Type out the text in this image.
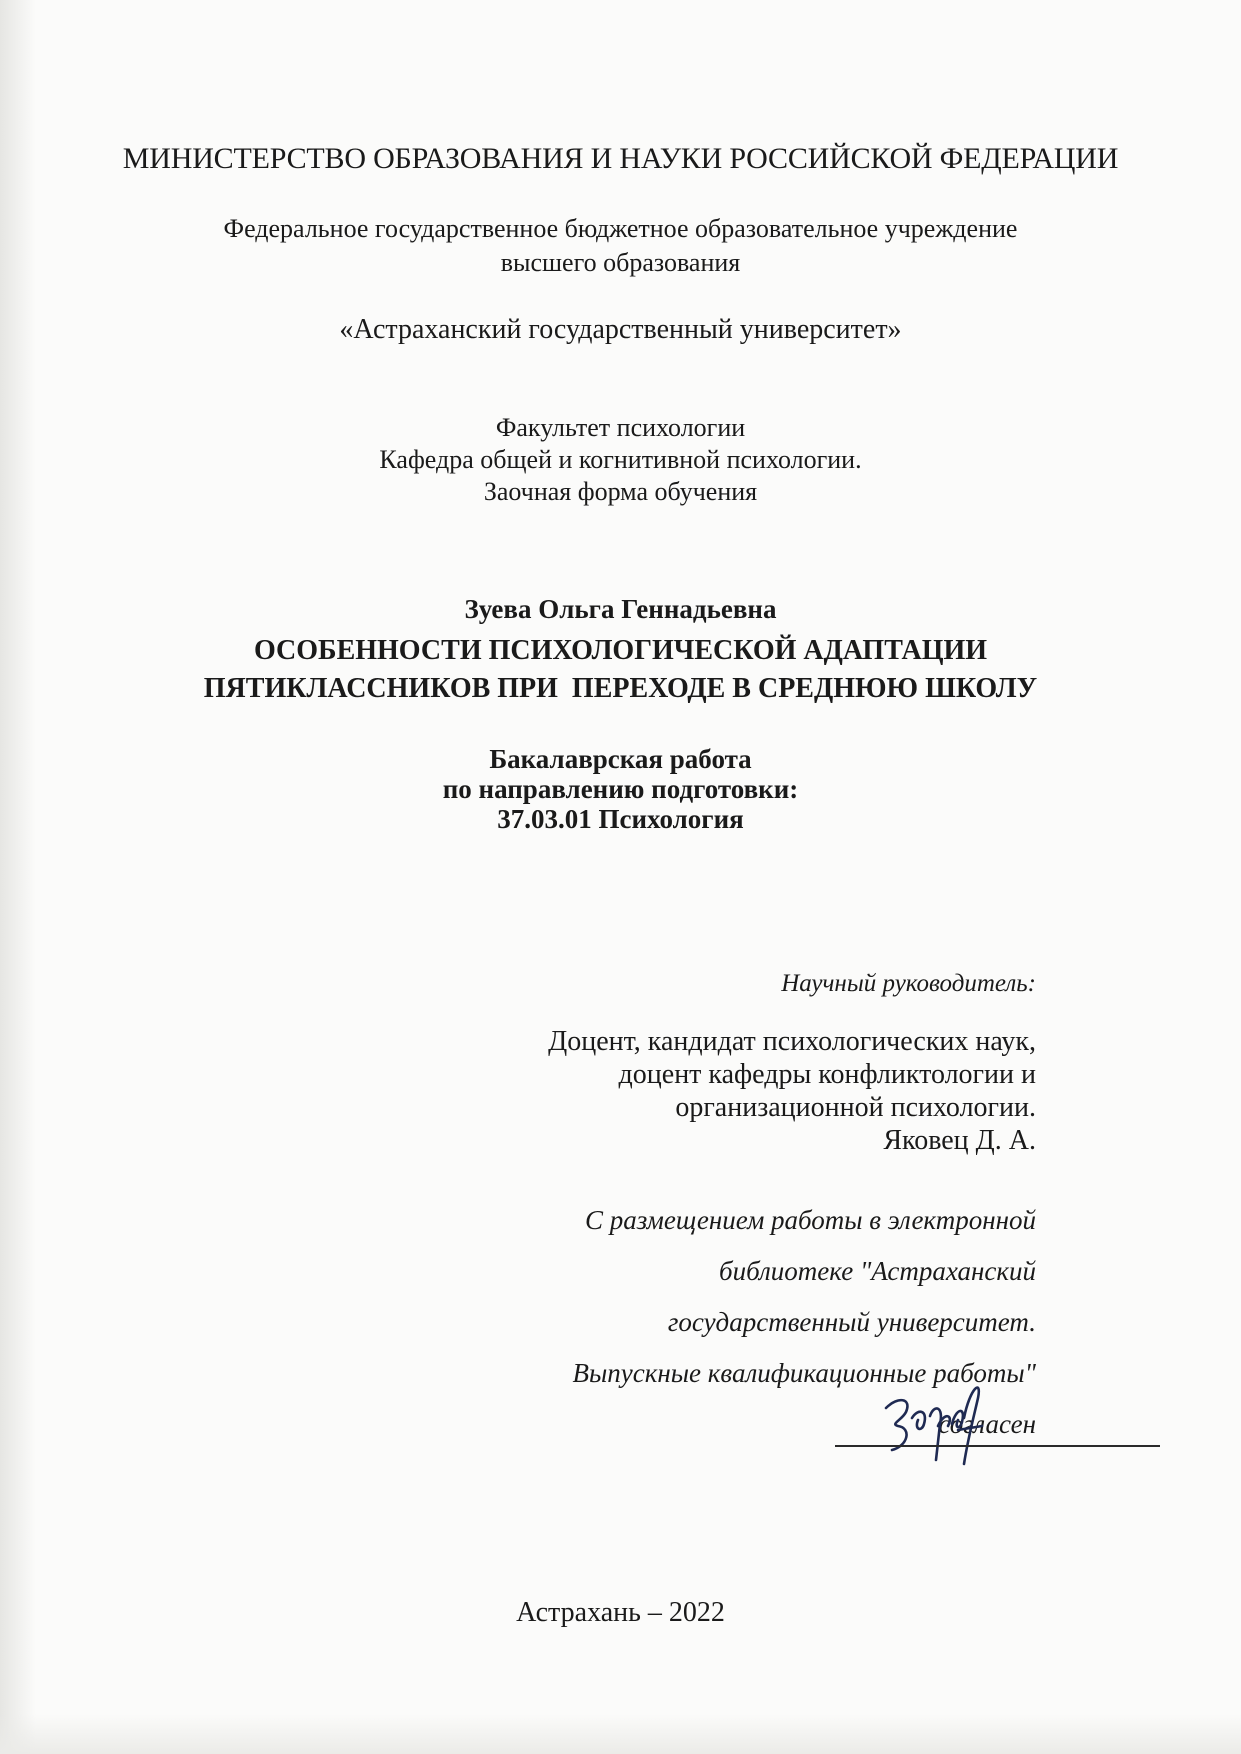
МИНИСТЕРСТВО ОБРАЗОВАНИЯ И НАУКИ РОССИЙСКОЙ ФЕДЕРАЦИИ
Федеральное государственное бюджетное образовательное учреждение
высшего образования
«Астраханский государственный университет»
Факультет психологии
Кафедра общей и когнитивной психологии.
Заочная форма обучения
Зуева Ольга Геннадьевна
ОСОБЕННОСТИ ПСИХОЛОГИЧЕСКОЙ АДАПТАЦИИ
ПЯТИКЛАССНИКОВ ПРИ  ПЕРЕХОДЕ В СРЕДНЮЮ ШКОЛУ
Бакалаврская работа
по направлению подготовки:
37.03.01 Психология
Научный руководитель:
Доцент, кандидат психологических наук,
доцент кафедры конфликтологии и
организационной психологии.
Яковец Д. А.
С размещением работы в электронной
библиотеке "Астраханский
государственный университет.
Выпускные квалификационные работы"
согласен
Астрахань – 2022
